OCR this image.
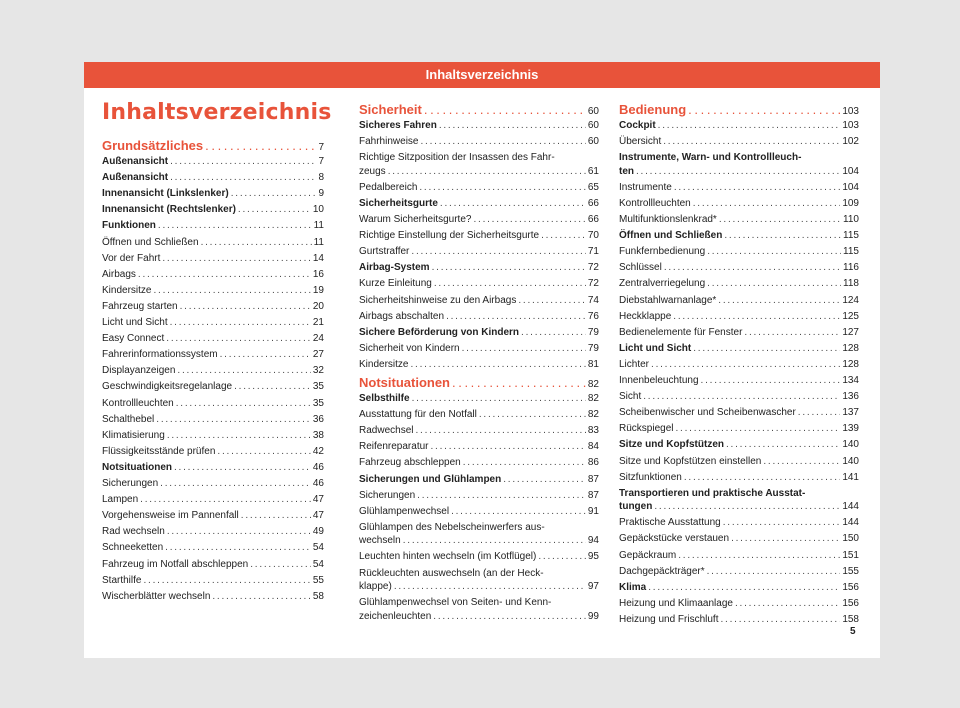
Inhaltsverzeichnis
Inhaltsverzeichnis
Grundsätzliches . . .	7
Außenansicht . . .	7
Außenansicht . . .	8
Innenansicht (Linkslenker) . . .	9
Innenansicht (Rechtslenker) . . .	10
Funktionen . . .	11
Öffnen und Schließen . . .	11
Vor der Fahrt . . .	14
Airbags . . .	16
Kindersitze . . .	19
Fahrzeug starten . . .	20
Licht und Sicht . . .	21
Easy Connect . . .	24
Fahrerinformationssystem . . .	27
Displayanzeigen . . .	32
Geschwindigkeitsregelanlage . . .	35
Kontrollleuchten . . .	35
Schalthebel . . .	36
Klimatisierung . . .	38
Flüssigkeitsstände prüfen . . .	42
Notsituationen . . .	46
Sicherungen . . .	46
Lampen . . .	47
Vorgehensweise im Pannenfall . . .	47
Rad wechseln . . .	49
Schneeketten . . .	54
Fahrzeug im Notfall abschleppen . . .	54
Starthilfe . . .	55
Wischerblätter wechseln . . .	58
Sicherheit . . .	60
Sicheres Fahren . . .	60
Fahrhinweise . . .	60
Richtige Sitzposition der Insassen des Fahr-
zeugs . . .	61
Pedalbereich . . .	65
Sicherheitsgurte . . .	66
Warum Sicherheitsgurte? . . .	66
Richtige Einstellung der Sicherheitsgurte . . .	70
Gurtstraffer . . .	71
Airbag-System . . .	72
Kurze Einleitung . . .	72
Sicherheitshinweise zu den Airbags . . .	74
Airbags abschalten . . .	76
Sichere Beförderung von Kindern . . .	79
Sicherheit von Kindern . . .	79
Kindersitze . . .	81
Notsituationen . . .	82
Selbsthilfe . . .	82
Ausstattung für den Notfall . . .	82
Radwechsel . . .	83
Reifenreparatur . . .	84
Fahrzeug abschleppen . . .	86
Sicherungen und Glühlampen . . .	87
Sicherungen . . .	87
Glühlampenwechsel . . .	91
Glühlampen des Nebelscheinwerfers aus-
wechseln . . .	94
Leuchten hinten wechseln (im Kotflügel) . . .	95
Rückleuchten auswechseln (an der Heck-
klappe) . . .	97
Glühlampenwechsel von Seiten- und Kenn-
zeichenleuchten . . .	99
Bedienung . . .	103
Cockpit . . .	103
Übersicht . . .	102
Instrumente, Warn- und Kontrollleuch-
ten . . .	104
Instrumente . . .	104
Kontrollleuchten . . .	109
Multifunktionslenkrad* . . .	110
Öffnen und Schließen . . .	115
Funkfernbedienung . . .	115
Schlüssel . . .	116
Zentralverriegelung . . .	118
Diebstahlwarnanlage* . . .	124
Heckklappe . . .	125
Bedienelemente für Fenster . . .	127
Licht und Sicht . . .	128
Lichter . . .	128
Innenbeleuchtung . . .	134
Sicht . . .	136
Scheibenwischer und Scheibenwascher . . .	137
Rückspiegel . . .	139
Sitze und Kopfstützen . . .	140
Sitze und Kopfstützen einstellen . . .	140
Sitzfunktionen . . .	141
Transportieren und praktische Ausstat-
tungen . . .	144
Praktische Ausstattung . . .	144
Gepäckstücke verstauen . . .	150
Gepäckraum . . .	151
Dachgepäckträger* . . .	155
Klima . . .	156
Heizung und Klimaanlage . . .	156
Heizung und Frischluft . . .	158
5
